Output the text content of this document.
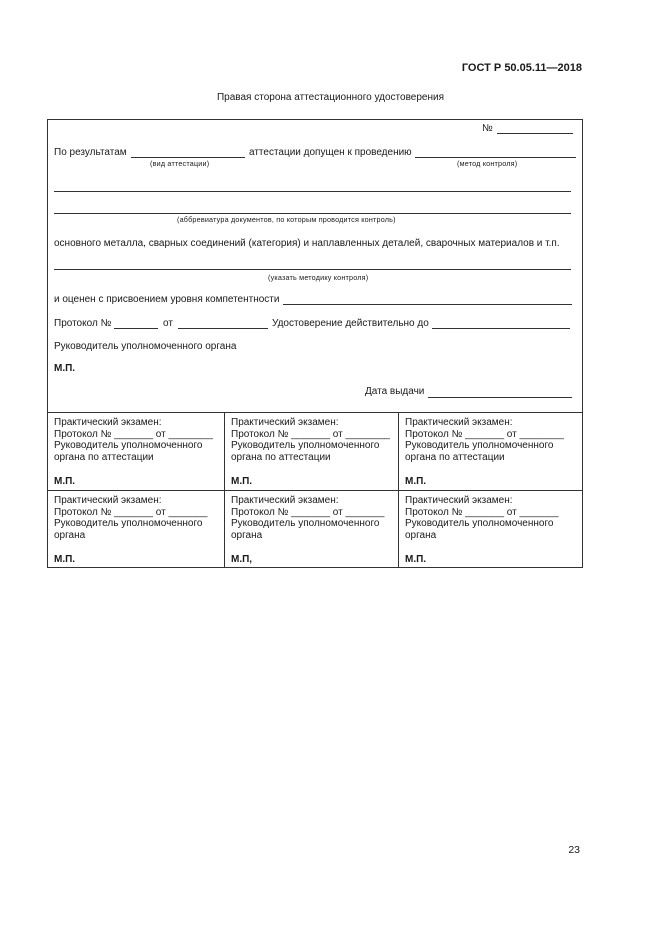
ГОСТ Р 50.05.11—2018
Правая сторона аттестационного удостоверения
№
По результатам	аттестации допущен к проведению
(вид аттестации)	(метод контроля)
(аббревиатура документов, по которым проводится контроль)
основного металла, сварных соединений (категория) и наплавленных деталей, сварочных материалов и т.п.
(указать методику контроля)
и оценен с присвоением уровня компетентности
Протокол №	от	Удостоверение действительно до
Руководитель уполномоченного органа
М.П.
Дата выдачи
Практический экзамен:
Протокол № _______ от ________
Руководитель уполномоченного
органа по аттестации
М.П.
Практический экзамен:
Протокол № _______ от ________
Руководитель уполномоченного
органа по аттестации
М.П.
Практический экзамен:
Протокол № _______ от ________
Руководитель уполномоченного
органа по аттестации
М.П.
Практический экзамен:
Протокол № _______ от _______
Руководитель уполномоченного
органа
М.П.
Практический экзамен:
Протокол № _______ от _______
Руководитель уполномоченного
органа
М.П,
Практический экзамен:
Протокол № _______ от _______
Руководитель уполномоченного
органа
М.П.
23
